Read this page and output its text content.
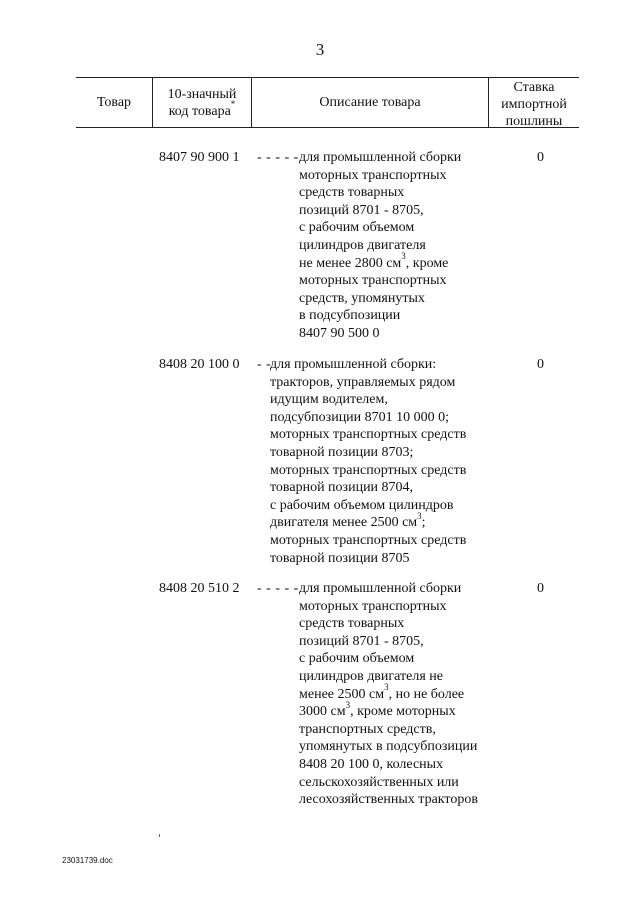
3
Товар
10-значный
код товара*	Описание товара
Ставка
импортной
пошлины
8407 90 900 1 - - - - - для промышленной сборки
моторных транспортных
средств товарных
позиций 8701 - 8705,
с рабочим объемом
цилиндров двигателя
не менее 2800 $см^3$, кроме
моторных транспортных
средств, упомянутых
в подсубпозиции
8407 90 500 0
0
8408 20 100 0 - -
для промышленной сборки:
тракторов, управляемых рядом
идущим водителем,
подсубпозиции 8701 10 000 0;
моторных транспортных средств
товарной позиции 8703;
моторных транспортных средств
товарной позиции 8704,
с рабочим объемом цилиндров
двигателя менее 2500 $см^3$;
моторных транспортных средств
товарной позиции 8705
0
8408 20 510 2 - - - - - для промышленной сборки
моторных транспортных
средств товарных
позиций 8701 - 8705,
с рабочим объемом
цилиндров двигателя не
менее 2500 $см^3$, но не более
3000 $см^3$, кроме моторных
транспортных средств,
упомянутых в подсубпозиции
8408 20 100 0, колесных
сельскохозяйственных или
лесохозяйственных тракторов
0
23031739.doc
